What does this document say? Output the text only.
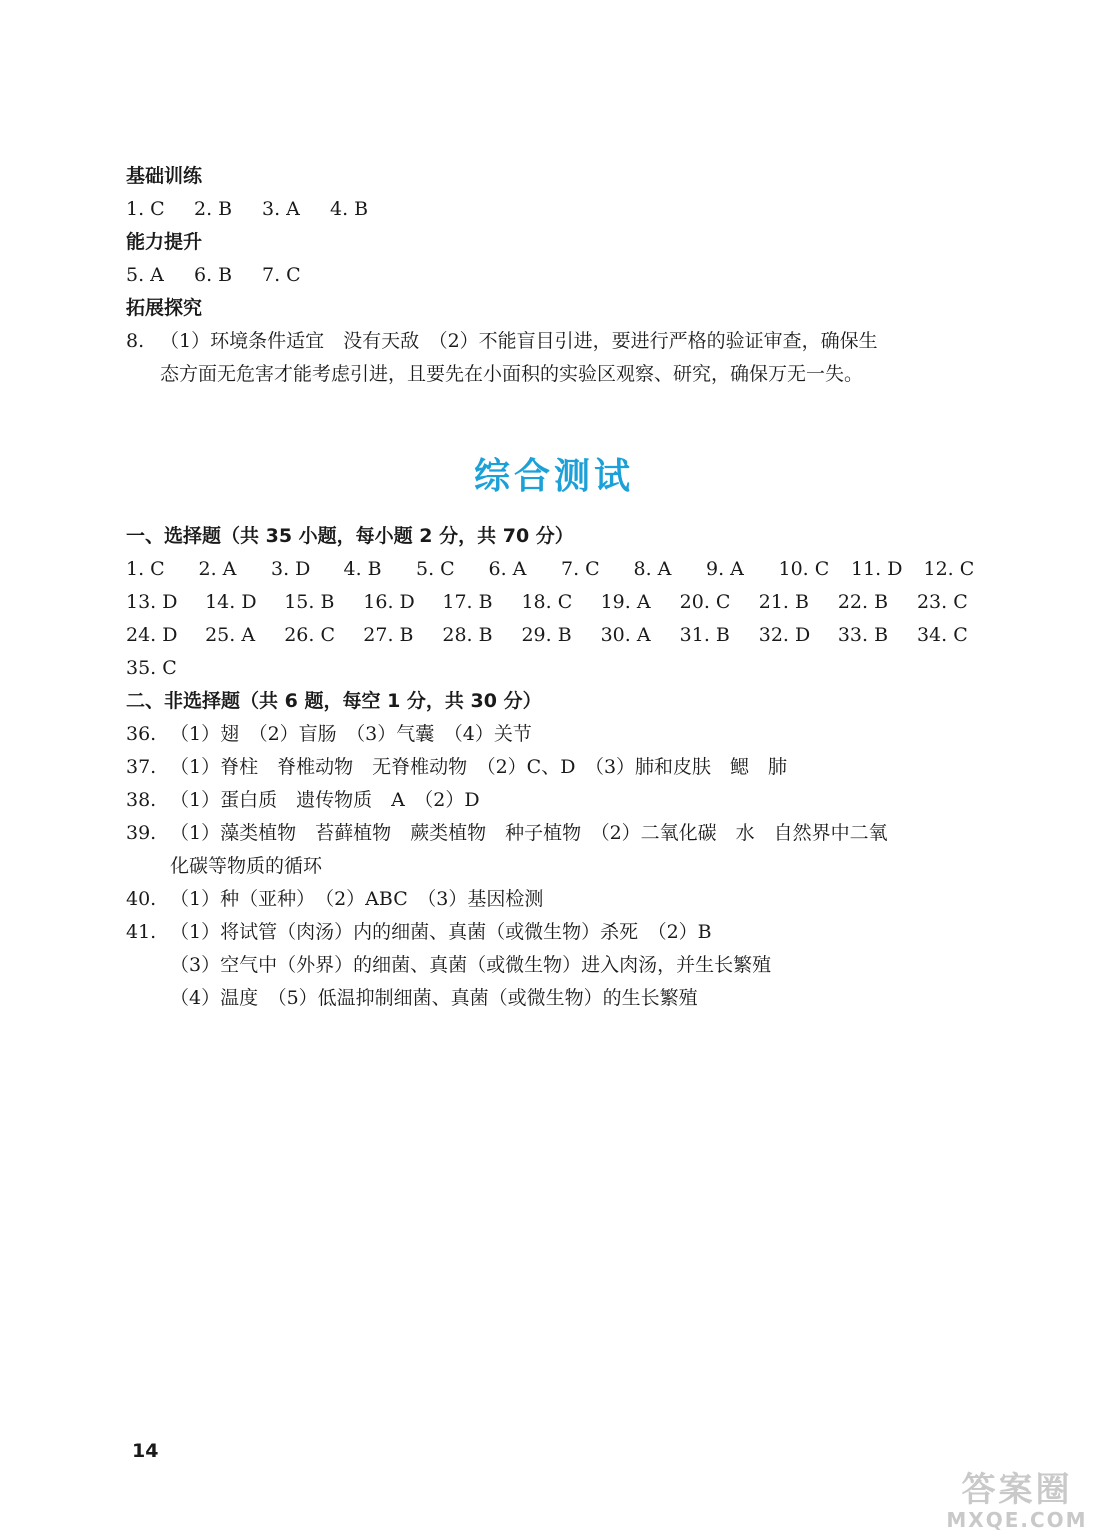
基础训练
1. C	2. B	3. A	4. B
能力提升
5. A	6. B	7. C
拓展探究
8. （1）环境条件适宜　没有天敌　（2）不能盲目引进，要进行严格的验证审查，确保生
态方面无危害才能考虑引进，且要先在小面积的实验区观察、研究，确保万无一失。
综合测试
一、选择题（共 35 小题，每小题 2 分，共 70 分）
1. C	2. A	3. D	4. B	5. C	6. A	7. C	8. A	9. A	10. C	11. D	12. C
13. D	14. D	15. B	16. D	17. B	18. C	19. A	20. C	21. B	22. B	23. C
24. D	25. A	26. C	27. B	28. B	29. B	30. A	31. B	32. D	33. B	34. C
35. C
二、非选择题（共 6 题，每空 1 分，共 30 分）
36. （1）翅　（2）盲肠　（3）气囊　（4）关节
37. （1）脊柱　脊椎动物　无脊椎动物　（2）C、D　（3）肺和皮肤　鳃　肺
38. （1）蛋白质　遗传物质　A　（2）D
39. （1）藻类植物　苔藓植物　蕨类植物　种子植物　（2）二氧化碳　水　自然界中二氧
化碳等物质的循环
40. （1）种（亚种）　（2）ABC　（3）基因检测
41. （1）将试管（肉汤）内的细菌、真菌（或微生物）杀死　（2）B
（3）空气中（外界）的细菌、真菌（或微生物）进入肉汤，并生长繁殖
（4）温度　（5）低温抑制细菌、真菌（或微生物）的生长繁殖
14
答案圈
MXQE.COM
